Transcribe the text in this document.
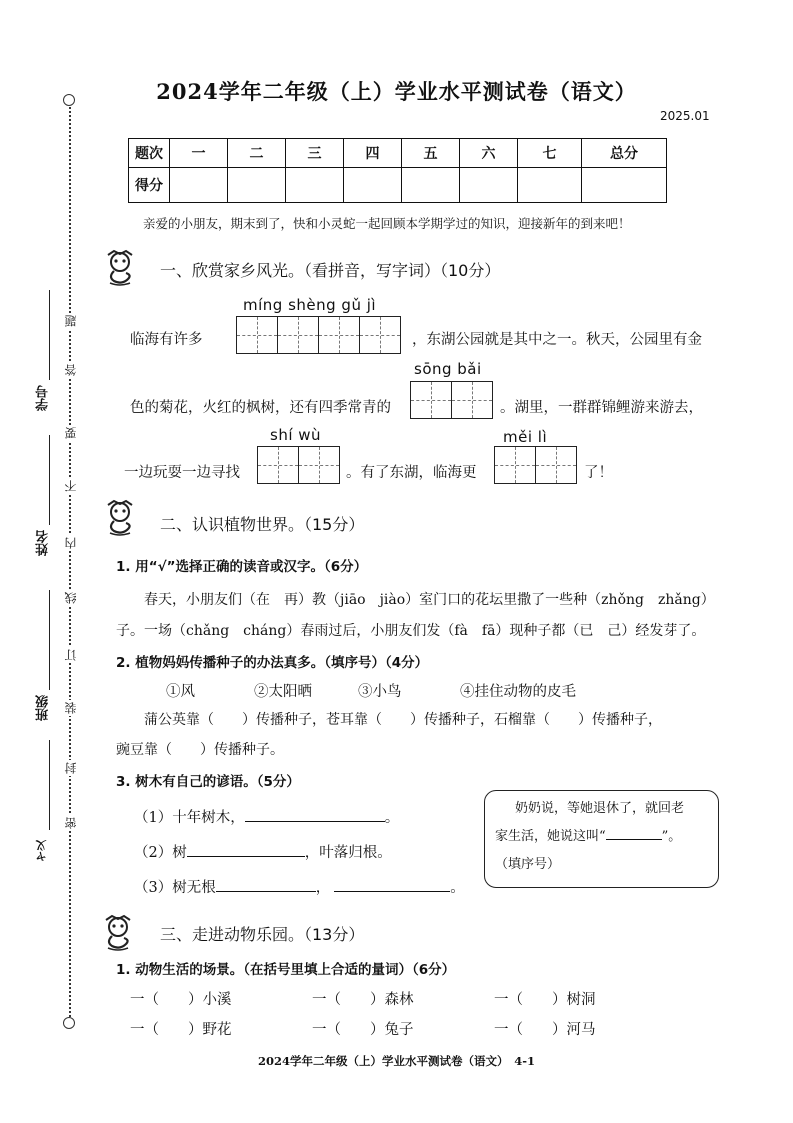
题
答
要
不
内
线
订
装
封
密
学号
姓名
班级
ヤ义
2024学年二年级（上）学业水平测试卷（语文）
2025.01
题次	一	二	三	四	五	六	七	总分
得分								
亲爱的小朋友，期末到了，快和小灵蛇一起回顾本学期学过的知识，迎接新年的到来吧！
一、欣赏家乡风光。（看拼音，写字词）（10分）
míng shèng gǔ jì
临海有许多	，东湖公园就是其中之一。秋天，公园里有金
sōng bǎi
色的菊花，火红的枫树，还有四季常青的	。湖里，一群群锦鲤游来游去，
shí wù	měi lì
一边玩耍一边寻找	。有了东湖，临海更	了！
二、认识植物世界。（15分）
1. 用“√”选择正确的读音或汉字。（6分）
春天，小朋友们（在　再）教（jiāo　jiào）室门口的花坛里撒了一些种（zhǒng　zhǎng）
子。一场（chǎng　cháng）春雨过后，小朋友们发（fà　fā）现种子都（已　己）经发芽了。
2. 植物妈妈传播种子的办法真多。（填序号）（4分）
①风	②太阳晒	③小鸟	④挂住动物的皮毛
蒲公英靠（　　）传播种子，苍耳靠（　　）传播种子，石榴靠（　　）传播种子，
豌豆靠（　　）传播种子。
3. 树木有自己的谚语。（5分）
（1）十年树木，	。
（2）树	，叶落归根。
（3）树无根	，	。
奶奶说，等她退休了，就回老
家生活，她说这叫“	”。
（填序号）
三、走进动物乐园。（13分）
1. 动物生活的场景。（在括号里填上合适的量词）（6分）
一（　　）小溪	一（　　）森林	一（　　）树洞
一（　　）野花	一（　　）兔子	一（　　）河马
2024学年二年级（上）学业水平测试卷（语文）　4-1
